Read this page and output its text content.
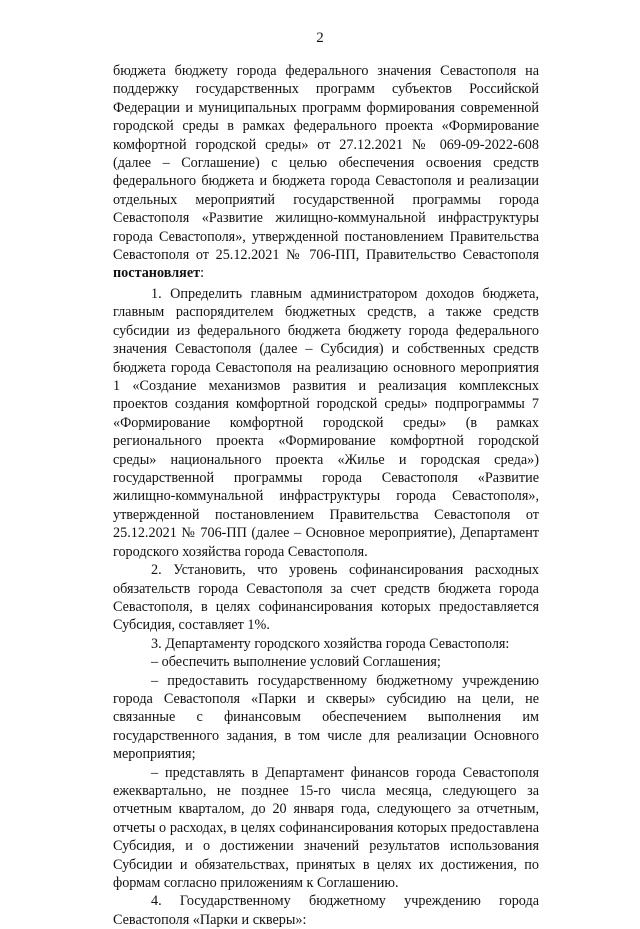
2

бюджета бюджету города федерального значения Севастополя на поддержку государственных программ субъектов Российской Федерации и муниципальных программ формирования современной городской среды в рамках федерального проекта «Формирование комфортной городской среды» от 27.12.2021 № 069-09-2022-608 (далее – Соглашение) с целью обеспечения освоения средств федерального бюджета и бюджета города Севастополя и реализации отдельных мероприятий государственной программы города Севастополя «Развитие жилищно-коммунальной инфраструктуры города Севастополя», утвержденной постановлением Правительства Севастополя от 25.12.2021 № 706-ПП, Правительство Севастополя постановляет:

1. Определить главным администратором доходов бюджета, главным распорядителем бюджетных средств, а также средств субсидии из федерального бюджета бюджету города федерального значения Севастополя (далее – Субсидия) и собственных средств бюджета города Севастополя на реализацию основного мероприятия 1 «Создание механизмов развития и реализация комплексных проектов создания комфортной городской среды» подпрограммы 7 «Формирование комфортной городской среды» (в рамках регионального проекта «Формирование комфортной городской среды» национального проекта «Жилье и городская среда») государственной программы города Севастополя «Развитие жилищно-коммунальной инфраструктуры города Севастополя», утвержденной постановлением Правительства Севастополя от 25.12.2021 № 706-ПП (далее – Основное мероприятие), Департамент городского хозяйства города Севастополя.

2. Установить, что уровень софинансирования расходных обязательств города Севастополя за счет средств бюджета города Севастополя, в целях софинансирования которых предоставляется Субсидия, составляет 1%.

3. Департаменту городского хозяйства города Севастополя:

– обеспечить выполнение условий Соглашения;

– предоставить государственному бюджетному учреждению города Севастополя «Парки и скверы» субсидию на цели, не связанные с финансовым обеспечением выполнения им государственного задания, в том числе для реализации Основного мероприятия;

– представлять в Департамент финансов города Севастополя ежеквартально, не позднее 15-го числа месяца, следующего за отчетным кварталом, до 20 января года, следующего за отчетным, отчеты о расходах, в целях софинансирования которых предоставлена Субсидия, и о достижении значений результатов использования Субсидии и обязательствах, принятых в целях их достижения, по формам согласно приложениям к Соглашению.

4. Государственному бюджетному учреждению города Севастополя «Парки и скверы»:
